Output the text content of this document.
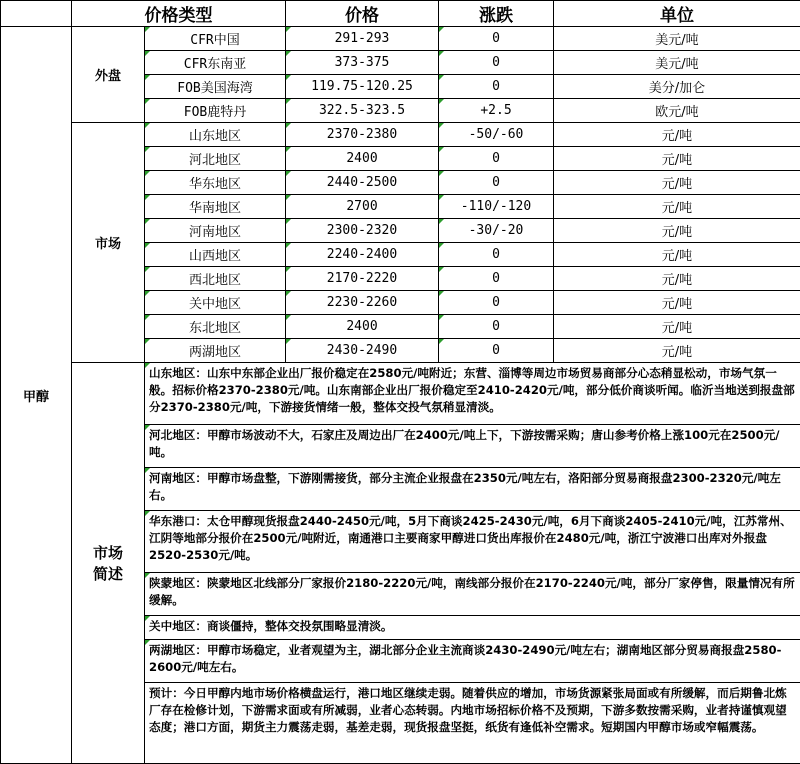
	价格类型		价格	涨跌	单位
甲醇	外盘	CFR中国	291-293	0	美元/吨
		CFR东南亚	373-375	0	美元/吨
		FOB美国海湾	119.75-120.25	0	美分/加仑
		FOB鹿特丹	322.5-323.5	+2.5	欧元/吨
	市场	山东地区	2370-2380	-50/-60	元/吨
		河北地区	2400	0	元/吨
		华东地区	2440-2500	0	元/吨
		华南地区	2700	-110/-120	元/吨
		河南地区	2300-2320	-30/-20	元/吨
		山西地区	2240-2400	0	元/吨
		西北地区	2170-2220	0	元/吨
		关中地区	2230-2260	0	元/吨
		东北地区	2400	0	元/吨
		两湖地区	2430-2490	0	元/吨
	市场简述	山东地区：山东中东部企业出厂报价稳定在2580元/吨附近；东营、淄博等周边市场贸易商部分心态稍显松动，市场气氛一般。招标价格2370-2380元/吨。山东南部企业出厂报价稳定至2410-2420元/吨，部分低价商谈听闻。临沂当地送到报盘部分2370-2380元/吨，下游接货情绪一般，整体交投气氛稍显清淡。			
		河北地区：甲醇市场波动不大，石家庄及周边出厂在2400元/吨上下，下游按需采购；唐山参考价格上涨100元在2500元/吨。			
		河南地区：甲醇市场盘整，下游刚需接货，部分主流企业报盘在2350元/吨左右，洛阳部分贸易商报盘2300-2320元/吨左右。			
		华东港口：太仓甲醇现货报盘2440-2450元/吨，5月下商谈2425-2430元/吨，6月下商谈2405-2410元/吨，江苏常州、江阴等地部分报价在2500元/吨附近，南通港口主要商家甲醇进口货出库报价在2480元/吨，浙江宁波港口出库对外报盘2520-2530元/吨。			
		陕蒙地区：陕蒙地区北线部分厂家报价2180-2220元/吨，南线部分报价在2170-2240元/吨，部分厂家停售，限量情况有所缓解。			
		关中地区：商谈僵持，整体交投氛围略显清淡。			
		两湖地区：甲醇市场稳定，业者观望为主，湖北部分企业主流商谈2430-2490元/吨左右；湖南地区部分贸易商报盘2580-2600元/吨左右。			
		预计：今日甲醇内地市场价格横盘运行，港口地区继续走弱。随着供应的增加，市场货源紧张局面或有所缓解，而后期鲁北炼厂存在检修计划，下游需求面或有所减弱，业者心态转弱。内地市场招标价格不及预期，下游多数按需采购，业者持谨慎观望态度；港口方面，期货主力震荡走弱，基差走弱，现货报盘坚挺，纸货有逢低补空需求。短期国内甲醇市场或窄幅震荡。			
